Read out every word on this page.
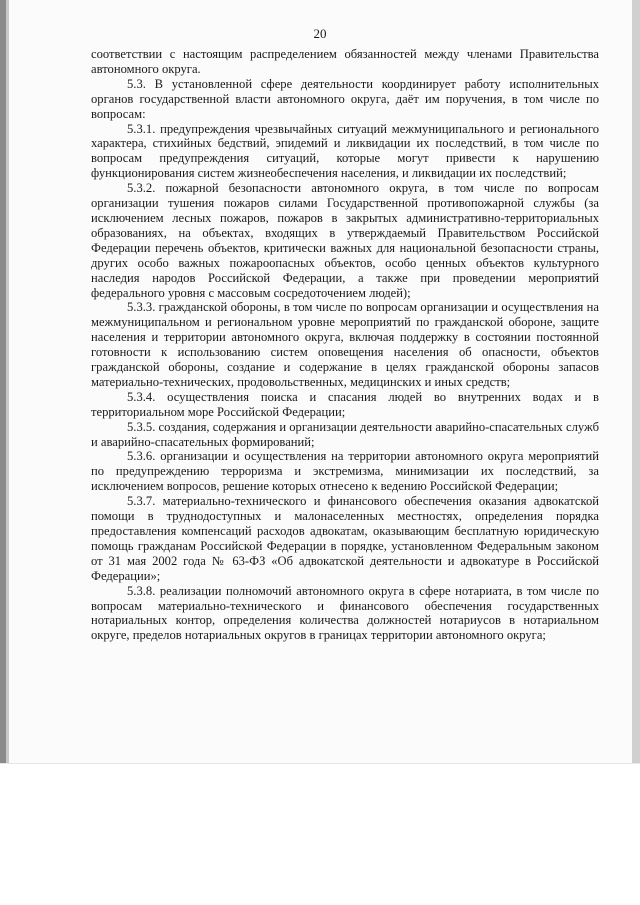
20

соответствии с настоящим распределением обязанностей между членами Правительства автономного округа.

5.3. В установленной сфере деятельности координирует работу исполнительных органов государственной власти автономного округа, даёт им поручения, в том числе по вопросам:

5.3.1. предупреждения чрезвычайных ситуаций межмуниципального и регионального характера, стихийных бедствий, эпидемий и ликвидации их последствий, в том числе по вопросам предупреждения ситуаций, которые могут привести к нарушению функционирования систем жизнеобеспечения населения, и ликвидации их последствий;

5.3.2. пожарной безопасности автономного округа, в том числе по вопросам организации тушения пожаров силами Государственной противопожарной службы (за исключением лесных пожаров, пожаров в закрытых административно-территориальных образованиях, на объектах, входящих в утверждаемый Правительством Российской Федерации перечень объектов, критически важных для национальной безопасности страны, других особо важных пожароопасных объектов, особо ценных объектов культурного наследия народов Российской Федерации, а также при проведении мероприятий федерального уровня с массовым сосредоточением людей);

5.3.3. гражданской обороны, в том числе по вопросам организации и осуществления на межмуниципальном и региональном уровне мероприятий по гражданской обороне, защите населения и территории автономного округа, включая поддержку в состоянии постоянной готовности к использованию систем оповещения населения об опасности, объектов гражданской обороны, создание и содержание в целях гражданской обороны запасов материально-технических, продовольственных, медицинских и иных средств;

5.3.4. осуществления поиска и спасания людей во внутренних водах и в территориальном море Российской Федерации;

5.3.5. создания, содержания и организации деятельности аварийно-спасательных служб и аварийно-спасательных формирований;

5.3.6. организации и осуществления на территории автономного округа мероприятий по предупреждению терроризма и экстремизма, минимизации их последствий, за исключением вопросов, решение которых отнесено к ведению Российской Федерации;

5.3.7. материально-технического и финансового обеспечения оказания адвокатской помощи в труднодоступных и малонаселенных местностях, определения порядка предоставления компенсаций расходов адвокатам, оказывающим бесплатную юридическую помощь гражданам Российской Федерации в порядке, установленном Федеральным законом от 31 мая 2002 года № 63-ФЗ «Об адвокатской деятельности и адвокатуре в Российской Федерации»;

5.3.8. реализации полномочий автономного округа в сфере нотариата, в том числе по вопросам материально-технического и финансового обеспечения государственных нотариальных контор, определения количества должностей нотариусов в нотариальном округе, пределов нотариальных округов в границах территории автономного округа;
